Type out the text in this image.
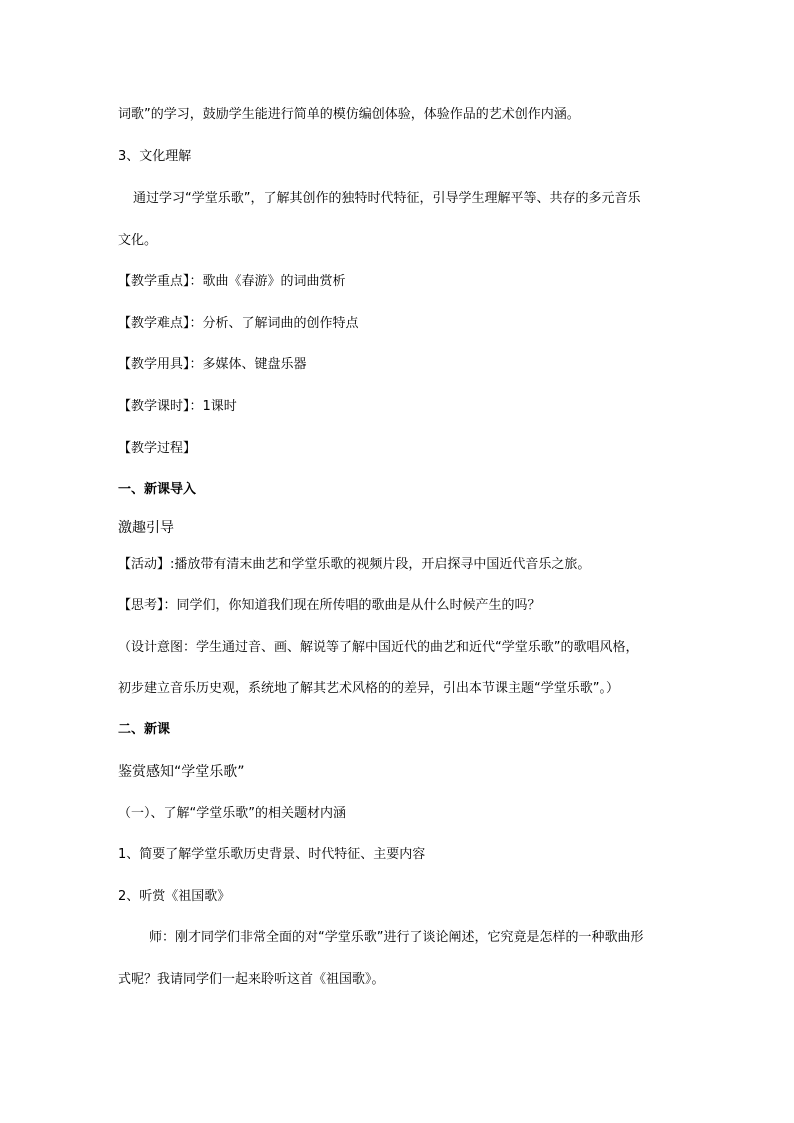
词歌”的学习，鼓励学生能进行简单的模仿编创体验，体验作品的艺术创作内涵。
3、文化理解
通过学习“学堂乐歌”，了解其创作的独特时代特征，引导学生理解平等、共存的多元音乐
文化。
【教学重点】：歌曲《春游》的词曲赏析
【教学难点】：分析、了解词曲的创作特点
【教学用具】：多媒体、键盘乐器
【教学课时】：1课时
【教学过程】
一、新课导入
激趣引导
【活动】:播放带有清末曲艺和学堂乐歌的视频片段，开启探寻中国近代音乐之旅。
【思考】：同学们，你知道我们现在所传唱的歌曲是从什么时候产生的吗？
（设计意图：学生通过音、画、解说等了解中国近代的曲艺和近代“学堂乐歌”的歌唱风格，
初步建立音乐历史观，系统地了解其艺术风格的的差异，引出本节课主题“学堂乐歌”。）
二、新课
鉴赏感知“学堂乐歌”
（一）、了解“学堂乐歌”的相关题材内涵
1、简要了解学堂乐歌历史背景、时代特征、主要内容
2、听赏《祖国歌》
师：刚才同学们非常全面的对“学堂乐歌”进行了谈论阐述，它究竟是怎样的一种歌曲形
式呢？我请同学们一起来聆听这首《祖国歌》。
